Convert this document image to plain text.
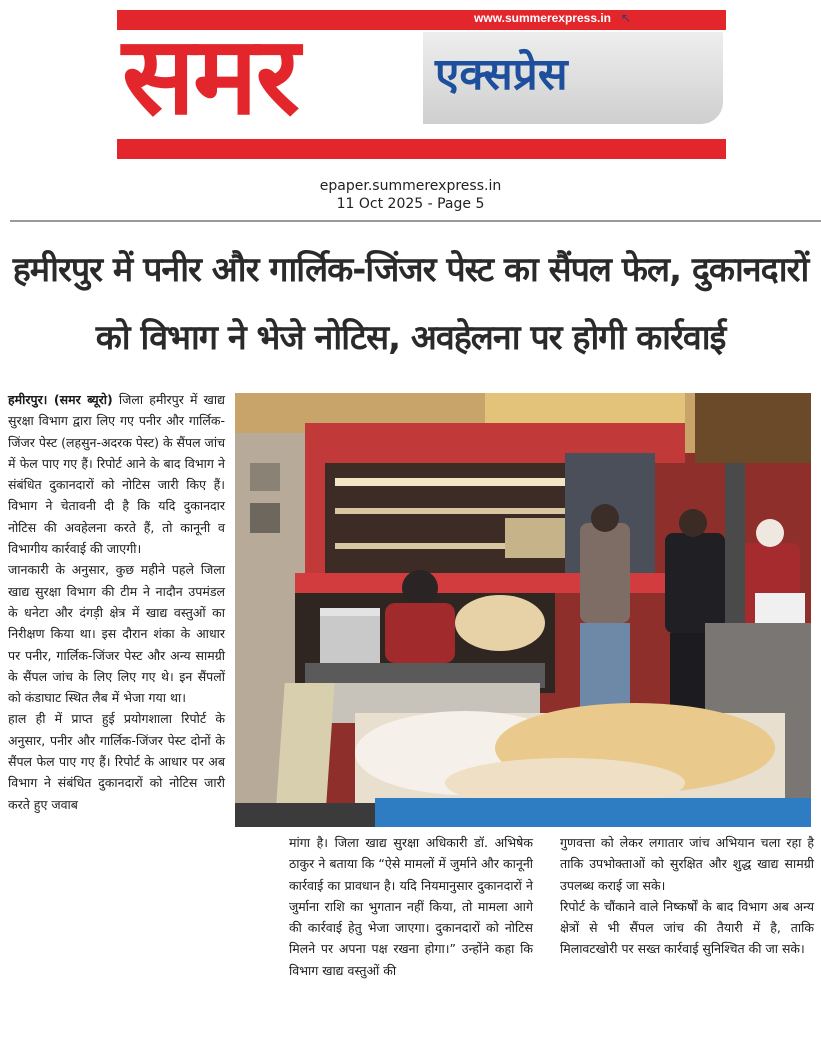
www.summerexpress.in ↖
समर	एक्सप्रेस
epaper.summerexpress.in
11 Oct 2025 - Page 5
हमीरपुर में पनीर और गार्लिक-जिंजर पेस्ट का सैंपल फेल, दुकानदारों
को विभाग ने भेजे नोटिस, अवहेलना पर होगी कार्रवाई

हमीरपुर। (समर ब्यूरो) जिला हमीरपुर में खाद्य सुरक्षा विभाग द्वारा लिए गए पनीर और गार्लिक-जिंजर पेस्ट (लहसुन-अदरक पेस्ट) के सैंपल जांच में फेल पाए गए हैं। रिपोर्ट आने के बाद विभाग ने संबंधित दुकानदारों को नोटिस जारी किए हैं। विभाग ने चेतावनी दी है कि यदि दुकानदार नोटिस की अवहेलना करते हैं, तो कानूनी व विभागीय कार्रवाई की जाएगी।

जानकारी के अनुसार, कुछ महीने पहले जिला खाद्य सुरक्षा विभाग की टीम ने नादौन उपमंडल के धनेटा और दंगड़ी क्षेत्र में खाद्य वस्तुओं का निरीक्षण किया था। इस दौरान शंका के आधार पर पनीर, गार्लिक-जिंजर पेस्ट और अन्य सामग्री के सैंपल जांच के लिए लिए गए थे। इन सैंपलों को कंडाघाट स्थित लैब में भेजा गया था।

हाल ही में प्राप्त हुई प्रयोगशाला रिपोर्ट के अनुसार, पनीर और गार्लिक-जिंजर पेस्ट दोनों के सैंपल फेल पाए गए हैं। रिपोर्ट के आधार पर अब विभाग ने संबंधित दुकानदारों को नोटिस जारी करते हुए जवाब

मांगा है। जिला खाद्य सुरक्षा अधिकारी डॉ. अभिषेक ठाकुर ने बताया कि “ऐसे मामलों में जुर्माने और कानूनी कार्रवाई का प्रावधान है। यदि नियमानुसार दुकानदारों ने जुर्माना राशि का भुगतान नहीं किया, तो मामला आगे की कार्रवाई हेतु भेजा जाएगा। दुकानदारों को नोटिस मिलने पर अपना पक्ष रखना होगा।” उन्होंने कहा कि विभाग खाद्य वस्तुओं की

गुणवत्ता को लेकर लगातार जांच अभियान चला रहा है ताकि उपभोक्ताओं को सुरक्षित और शुद्ध खाद्य सामग्री उपलब्ध कराई जा सके।

रिपोर्ट के चौंकाने वाले निष्कर्षों के बाद विभाग अब अन्य क्षेत्रों से भी सैंपल जांच की तैयारी में है, ताकि मिलावटखोरी पर सख्त कार्रवाई सुनिश्चित की जा सके।
